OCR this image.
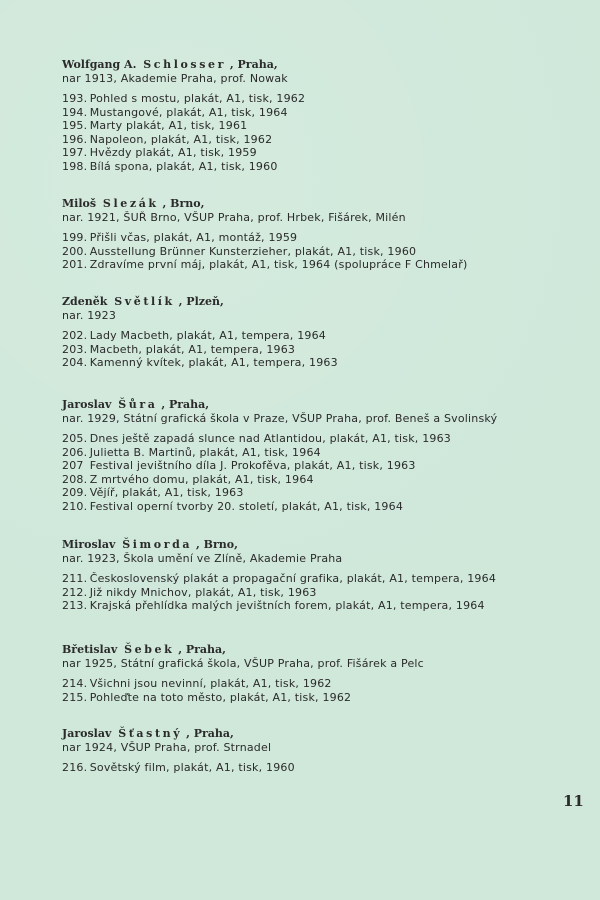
Wolfgang A. Schlosser , Praha,
nar 1913, Akademie Praha, prof. Nowak
193. Pohled s mostu, plakát, A1, tisk, 1962
194. Mustangové, plakát, A1, tisk, 1964
195. Marty plakát, A1, tisk, 1961
196. Napoleon, plakát, A1, tisk, 1962
197. Hvězdy plakát, A1, tisk, 1959
198. Bílá spona, plakát, A1, tisk, 1960
Miloš Slezák , Brno,
nar. 1921, ŠUŘ Brno, VŠUP Praha, prof. Hrbek, Fišárek, Milén
199. Přišli včas, plakát, A1, montáž, 1959
200. Ausstellung Brünner Kunsterzieher, plakát, A1, tisk, 1960
201. Zdravíme první máj, plakát, A1, tisk, 1964 (spolupráce F Chmelař)
Zdeněk Světlík , Plzeň,
nar. 1923
202. Lady Macbeth, plakát, A1, tempera, 1964
203. Macbeth, plakát, A1, tempera, 1963
204. Kamenný kvítek, plakát, A1, tempera, 1963
Jaroslav Šůra , Praha,
nar. 1929, Státní grafická škola v Praze, VŠUP Praha, prof. Beneš a Svolinský
205. Dnes ještě zapadá slunce nad Atlantidou, plakát, A1, tisk, 1963
206. Julietta B. Martinů, plakát, A1, tisk, 1964
207 Festival jevištního díla J. Prokofěva, plakát, A1, tisk, 1963
208. Z mrtvého domu, plakát, A1, tisk, 1964
209. Vějíř, plakát, A1, tisk, 1963
210. Festival operní tvorby 20. století, plakát, A1, tisk, 1964
Miroslav Šimorda , Brno,
nar. 1923, Škola umění ve Zlíně, Akademie Praha
211. Československý plakát a propagační grafika, plakát, A1, tempera, 1964
212. Již nikdy Mnichov, plakát, A1, tisk, 1963
213. Krajská přehlídka malých jevištních forem, plakát, A1, tempera, 1964
Břetislav Šebek , Praha,
nar 1925, Státní grafická škola, VŠUP Praha, prof. Fišárek a Pelc
214. Všichni jsou nevinní, plakát, A1, tisk, 1962
215. Pohleďte na toto město, plakát, A1, tisk, 1962
Jaroslav Šťastný , Praha,
nar 1924, VŠUP Praha, prof. Strnadel
216. Sovětský film, plakát, A1, tisk, 1960
11
